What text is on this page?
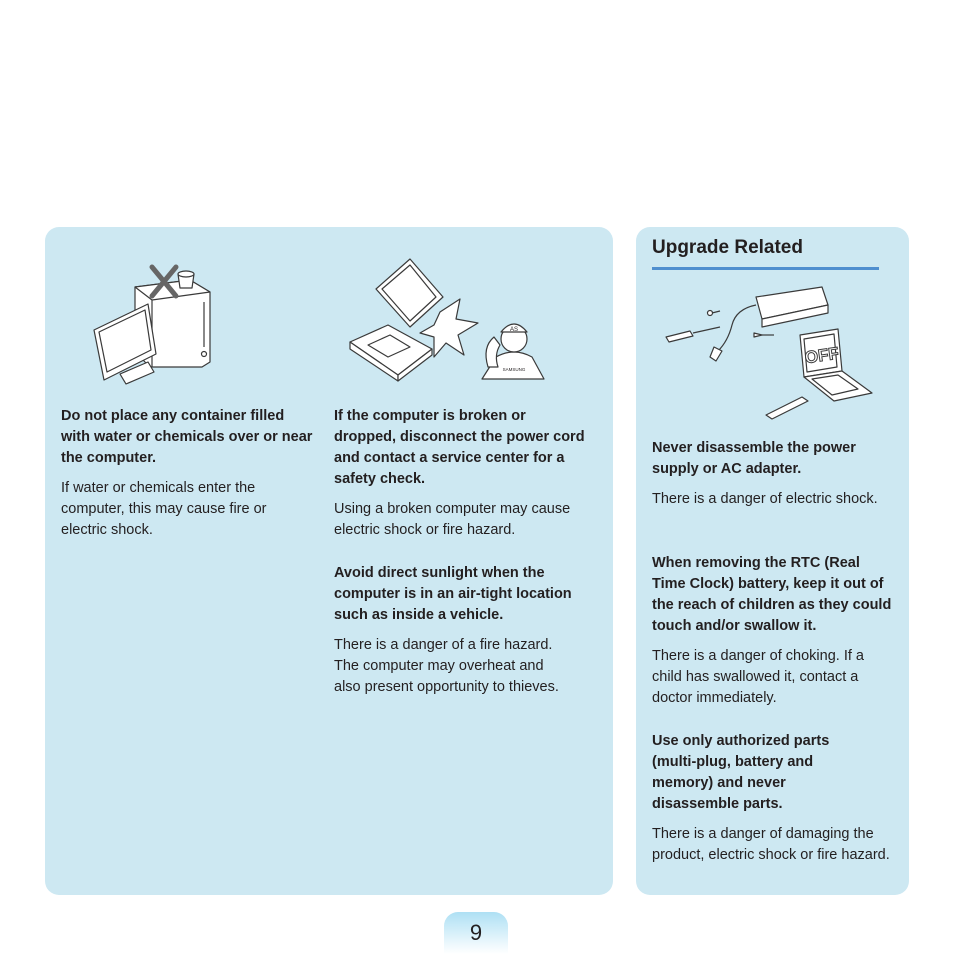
AS
SAMSUNG

Do not place any container filled with water or chemicals over or near the computer.

If water or chemicals enter the computer, this may cause fire or electric shock.

If the computer is broken or dropped, disconnect the power cord and contact a service center for a safety check.

Using a broken computer may cause electric shock or fire hazard.

Avoid direct sunlight when the computer is in an air-tight location such as inside a vehicle.

There is a danger of a fire hazard. The computer may overheat and also present opportunity to thieves.

Upgrade Related
OFF

Never disassemble the power supply or AC adapter.

There is a danger of electric shock.

When removing the RTC (Real Time Clock) battery, keep it out of the reach of children as they could touch and/or swallow it.

There is a danger of choking. If a child has swallowed it, contact a doctor immediately.

Use only authorized parts (multi-plug, battery and memory) and never disassemble parts.

There is a danger of damaging the product, electric shock or fire hazard.

9
